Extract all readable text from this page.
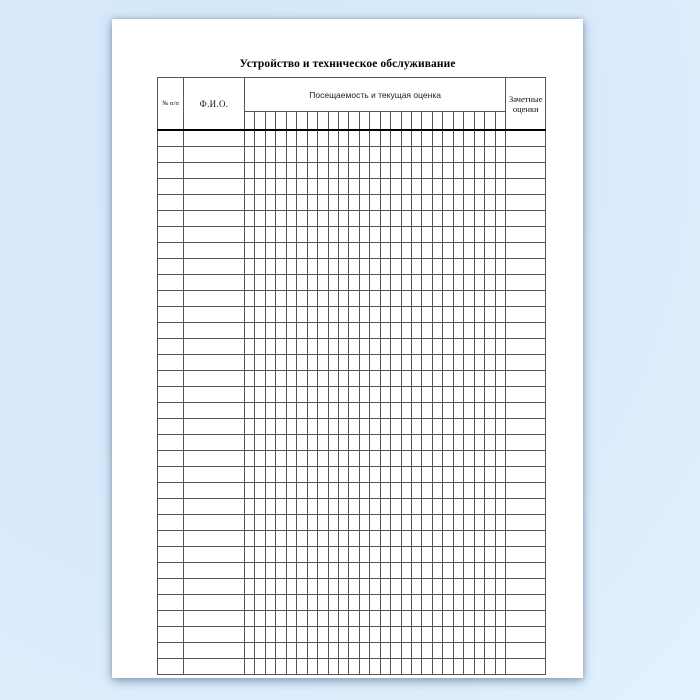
Устройство и техническое обслуживание
№ п/п	Ф.И.О.	Посещаемость и текущая оценка																									Зачетные оценки
